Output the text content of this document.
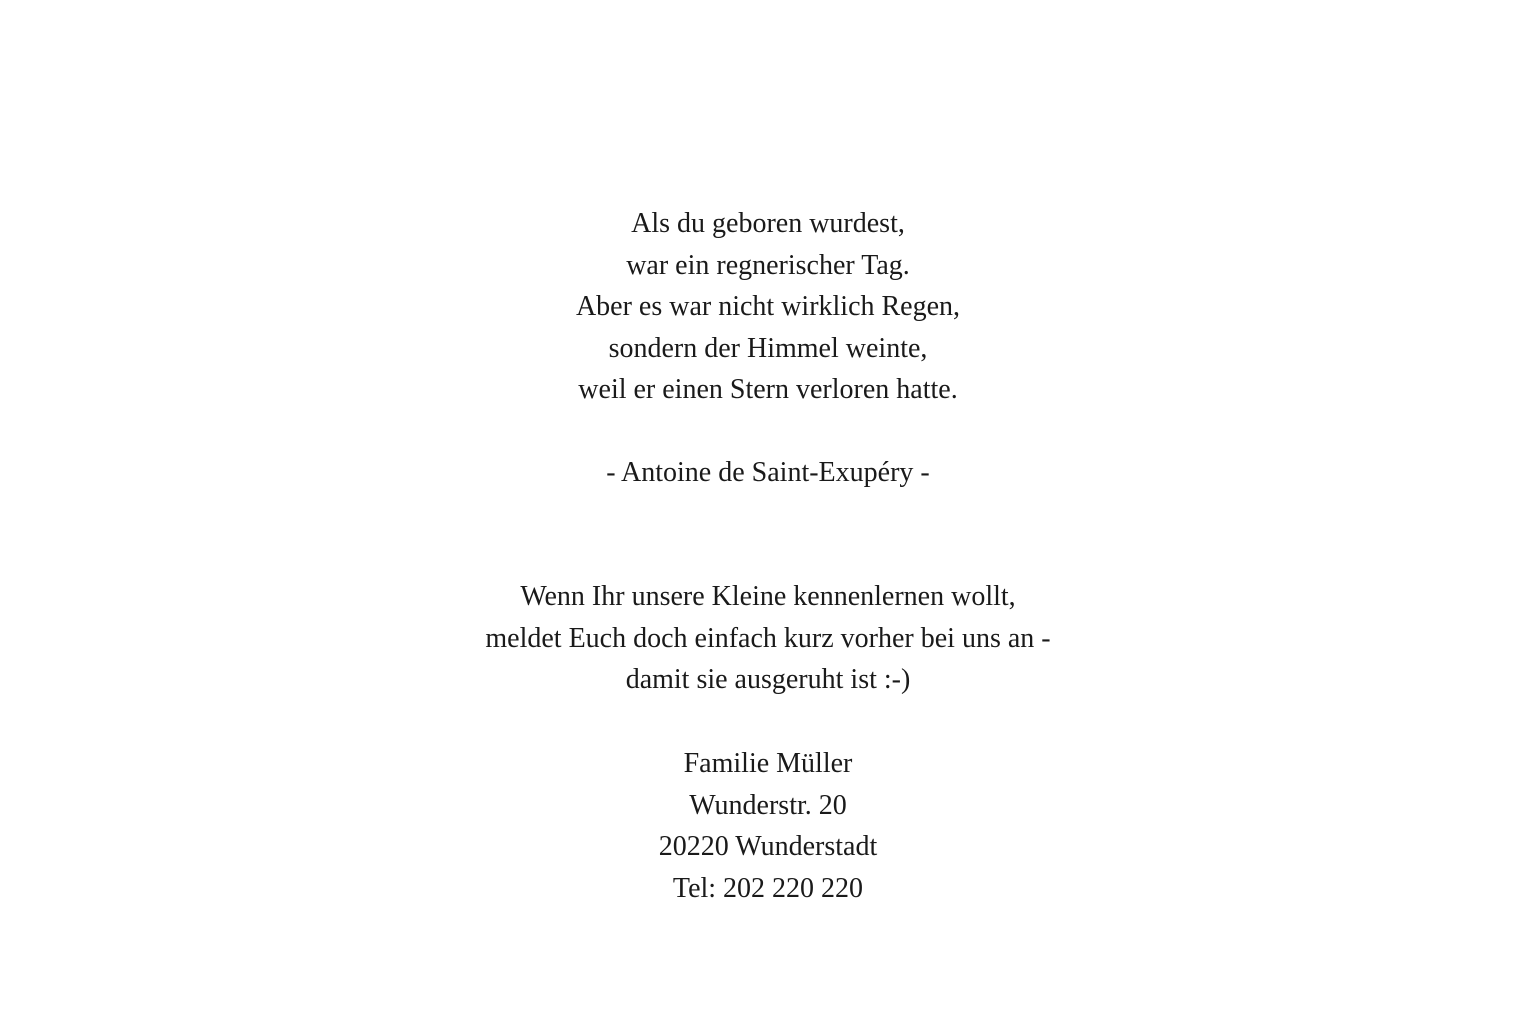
Als du geboren wurdest,
war ein regnerischer Tag.
Aber es war nicht wirklich Regen,
sondern der Himmel weinte,
weil er einen Stern verloren hatte.
- Antoine de Saint-Exupéry -
Wenn Ihr unsere Kleine kennenlernen wollt,
meldet Euch doch einfach kurz vorher bei uns an -
damit sie ausgeruht ist :-)
Familie Müller
Wunderstr. 20
20220 Wunderstadt
Tel: 202 220 220
